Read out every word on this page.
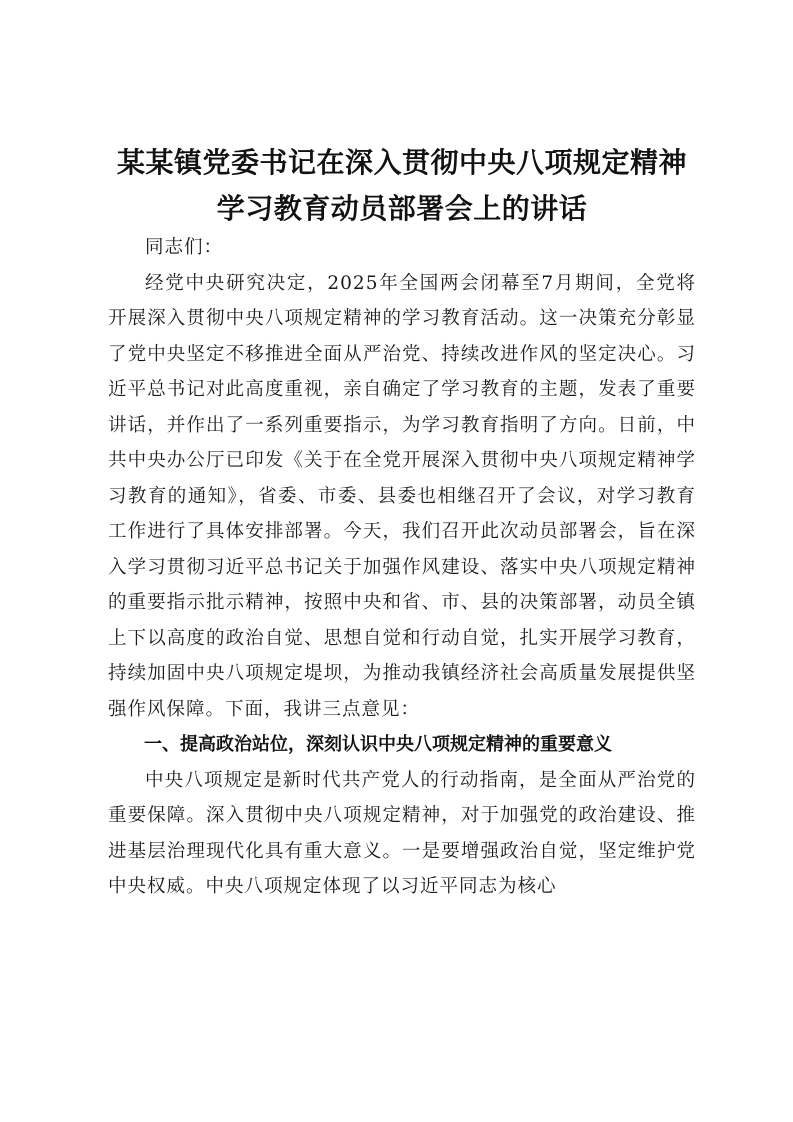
某某镇党委书记在深入贯彻中央八项规定精神
学习教育动员部署会上的讲话

同志们：

经党中央研究决定，2025年全国两会闭幕至7月期间，全党将开展深入贯彻中央八项规定精神的学习教育活动。这一决策充分彰显了党中央坚定不移推进全面从严治党、持续改进作风的坚定决心。习近平总书记对此高度重视，亲自确定了学习教育的主题，发表了重要讲话，并作出了一系列重要指示，为学习教育指明了方向。日前，中共中央办公厅已印发《关于在全党开展深入贯彻中央八项规定精神学习教育的通知》，省委、市委、县委也相继召开了会议，对学习教育工作进行了具体安排部署。今天，我们召开此次动员部署会，旨在深入学习贯彻习近平总书记关于加强作风建设、落实中央八项规定精神的重要指示批示精神，按照中央和省、市、县的决策部署，动员全镇上下以高度的政治自觉、思想自觉和行动自觉，扎实开展学习教育，持续加固中央八项规定堤坝，为推动我镇经济社会高质量发展提供坚强作风保障。下面，我讲三点意见：

一、提高政治站位，深刻认识中央八项规定精神的重要意义

中央八项规定是新时代共产党人的行动指南，是全面从严治党的重要保障。深入贯彻中央八项规定精神，对于加强党的政治建设、推进基层治理现代化具有重大意义。一是要增强政治自觉，坚定维护党中央权威。中央八项规定体现了以习近平同志为核心
